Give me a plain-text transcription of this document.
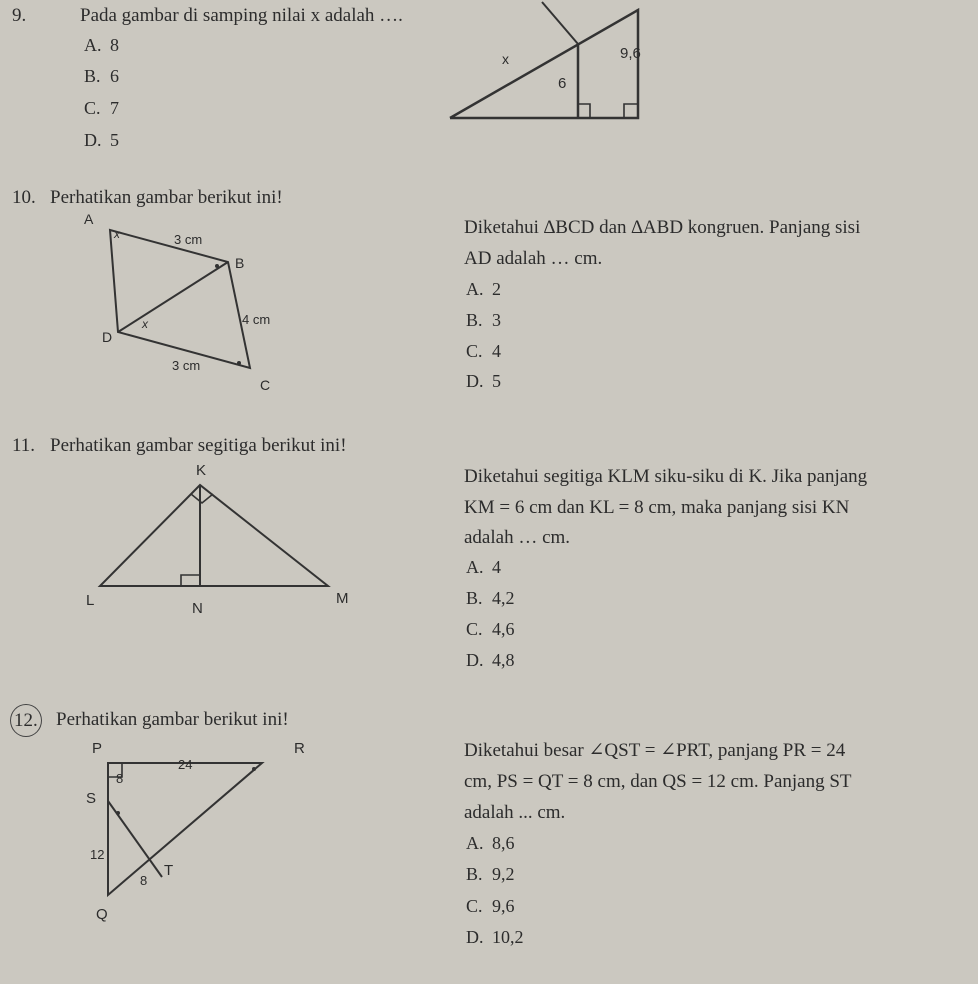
9.	Pada gambar di samping nilai x adalah ….
A. 8
B. 6
C. 7
D. 5
x	9,6
6
10. Perhatikan gambar berikut ini!
A
B
C
D
3 cm
4 cm
3 cm
x
x
Diketahui ∆BCD dan ∆ABD kongruen. Panjang sisi
AD adalah … cm.
A. 2
B. 3
C. 4
D. 5
11. Perhatikan gambar segitiga berikut ini!
K
L	N
M
Diketahui segitiga KLM siku-siku di K. Jika panjang
KM = 6 cm dan KL = 8 cm, maka panjang sisi KN
adalah … cm.
A. 4
B. 4,2
C. 4,6
D. 4,8
12. Perhatikan gambar berikut ini!
P	R
S
T
Q
24
8
12
8
Diketahui besar ∠QST = ∠PRT, panjang PR = 24
cm, PS = QT = 8 cm, dan QS = 12 cm. Panjang ST
adalah ... cm.
A. 8,6
B. 9,2
C. 9,6
D. 10,2
